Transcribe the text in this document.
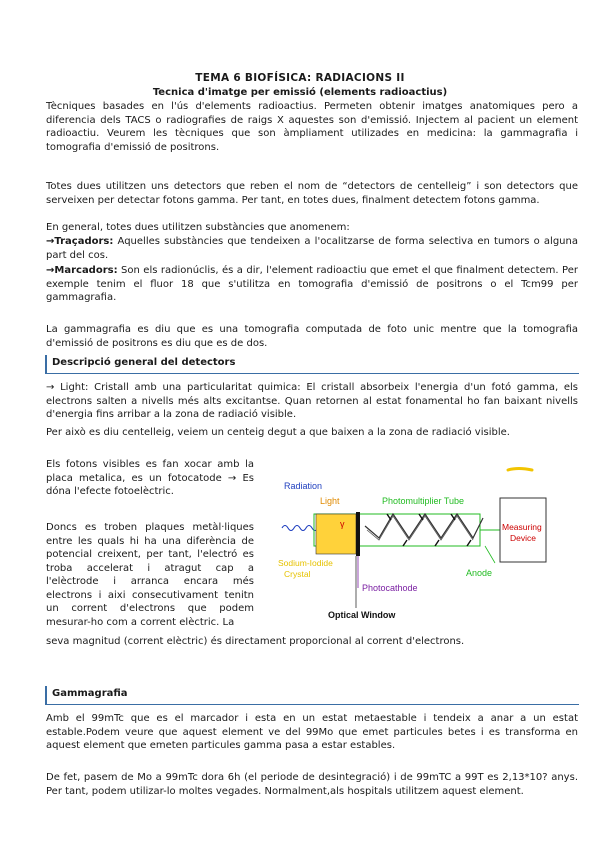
TEMA 6 BIOFÍSICA: RADIACIONS II
Tecnica d'imatge per emissió (elements radioactius)

Tècniques basades en l'ús d'elements radioactius. Permeten obtenir imatges anatomiques pero a diferencia dels TACS o radiografies de raigs X aquestes son d'emissió. Injectem al pacient un element radioactiu. Veurem les tècniques que son àmpliament utilizades en medicina: la gammagrafia i tomografia d'emissió de positrons.

Totes dues utilitzen uns detectors que reben el nom de “detectors de centelleig” i son detectors que serveixen per detectar fotons gamma. Per tant, en totes dues, finalment detectem fotons gamma.

En general, totes dues utilitzen substàncies que anomenem:

→Traçadors: Aquelles substàncies que tendeixen a l'ocalitzarse de forma selectiva en tumors o alguna part del cos.

→Marcadors: Son els radionúclis, és a dir, l'element radioactiu que emet el que finalment detectem. Per exemple tenim el fluor 18 que s'utilitza en tomografia d'emissió de positrons o el Tcm99 per gammagrafia.

La gammagrafia es diu que es una tomografia computada de foto unic mentre que la tomografia d'emissió de positrons es diu que es de dos.

Descripció general del detectors

→ Light: Cristall amb una particularitat quimica: El cristall absorbeix l'energia d'un fotó gamma, els electrons salten a nivells més alts excitantse. Quan retornen al estat fonamental ho fan baixant nivells d'energia fins arribar a la zona de radiació visible.

Per això es diu centelleig, veiem un centeig degut a que baixen a la zona de radiació visible.

Els fotons visibles es fan xocar amb la placa metalica, es un fotocatode → Es dóna l'efecte fotoelèctric.

Doncs es troben plaques metàl·liques entre les quals hi ha una diferència de potencial creixent, per tant, l'electró es troba accelerat i atragut cap a l'elèctrode i arranca encara més electrons i aixi consecutivament tenitn un corrent d'electrons que podem mesurar-ho com a corrent elèctric. La

seva magnitud (corrent elèctric) és directament proporcional al corrent d'electrons.

Radiation
γ
Light	Photomultiplier Tube
Measuring
Device
Anode
Sodium-Iodide
Crystal
Photocathode
Optical Window
Gammagrafia

Amb el 99mTc que es el marcador i esta en un estat metaestable i tendeix a anar a un estat estable.Podem veure que aquest element ve del 99Mo que emet particules betes i es transforma en aquest element que emeten particules gamma pasa a estar estables.

De fet, pasem de Mo a 99mTc dora 6h (el periode de desintegració) i de 99mTC a 99T es 2,13*10? anys. Per tant, podem utilizar-lo moltes vegades. Normalment,als hospitals utilitzem aquest element.
